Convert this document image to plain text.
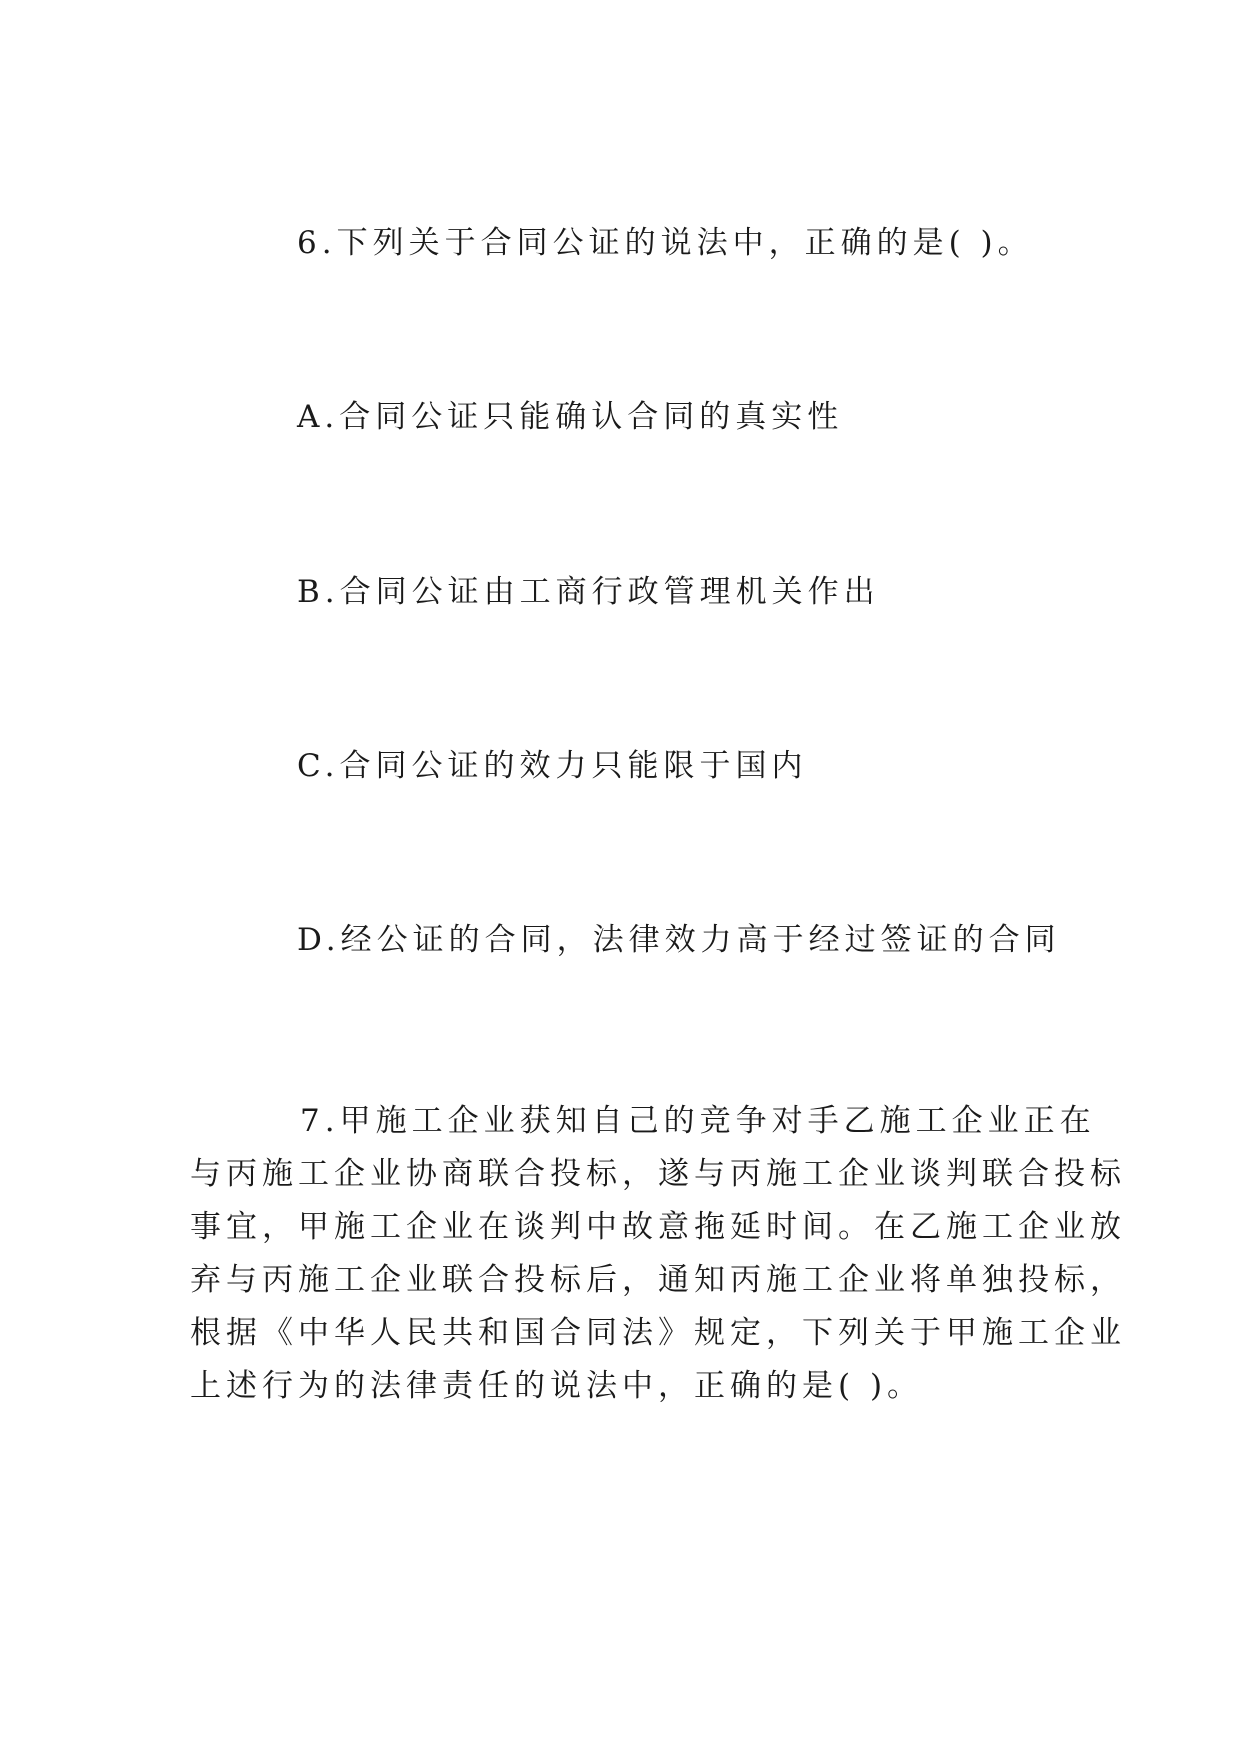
6.下列关于合同公证的说法中，正确的是( )。
A.合同公证只能确认合同的真实性
B.合同公证由工商行政管理机关作出
C.合同公证的效力只能限于国内
D.经公证的合同，法律效力高于经过签证的合同
7.甲施工企业获知自己的竞争对手乙施工企业正在
与丙施工企业协商联合投标，遂与丙施工企业谈判联合投标
事宜，甲施工企业在谈判中故意拖延时间。在乙施工企业放
弃与丙施工企业联合投标后，通知丙施工企业将单独投标，
根据《中华人民共和国合同法》规定，下列关于甲施工企业
上述行为的法律责任的说法中，正确的是( )。
